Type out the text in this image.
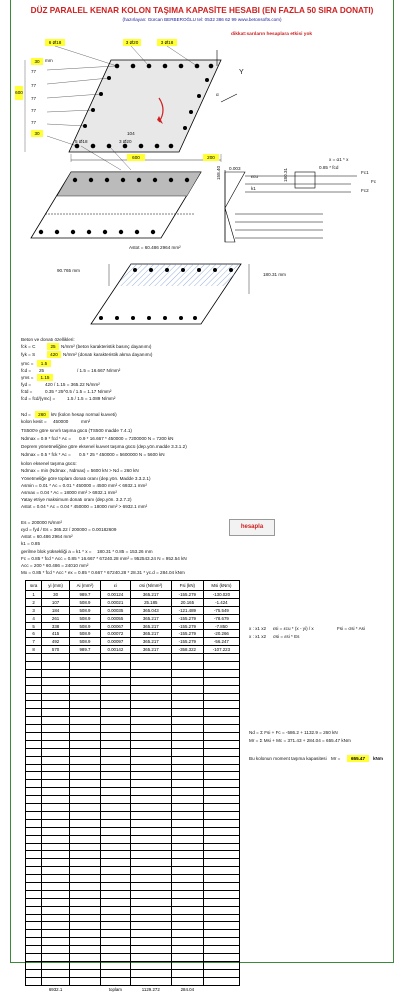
DÜZ PARALEL KENAR KOLON TAŞIMA KAPASİTE HESABI (EN FAZLA 50 SIRA DONATI)
(hazırlayan: Gürcan BERBEROĞLU tel: 0532 386 62 99 www.betonsofts.com)
dikkat:sarıların hesaplara etkisi yok
6 Ø18	3 Ø20	3 Ø18
30	mm
77
77
77
77
77
30
600
Y
α
5 Ø18	3 Ø20
104
600	200	x = α1 * x
0.003
εcu
0.85 * fcd
158.40	180.31
k1
Fc1
Fc
Fc2
Astot = 60.486 2964 mm²
90.765 mm
180.31 mm
Beton ve donatı özellikleri:
fck = C	25	N/mm² (beton karakteristik basınç dayanımı)
fyk = S	420	N/mm² (donatı karakteristik akma dayanımı)
γmc =	1.5
fcd = 25	/ 1.5 = 16.667 N/mm²
γms =	1.15
fyd =	420 / 1.15 = 365.22 N/mm²
fctd =	0.35 * 25^0.5 / 1.5 = 1.17 N/mm²
fcd = fcd/(γmc) =	1.5 / 1.5 = 1.089 N/mm²
Nd =	260	kN (kolon hesap normal kuvveti)
kolon kesit = 450000	mm²
TS500'e göre sınırlı taşıma gücü (TS500 madde 7.4.1)
Ndmax = 0.9 * fcd * Ac = 0.9 * 16.667 * 450000 = 7200000 N = 7200 kN
Deprem yönetmeliğine göre eksenel kuvvet taşıma gücü (dep.yön.madde 3.3.1.2)
Ndmax = 0.5 * fck * Ac = 0.5 * 25 * 450000 = 5600000 N = 5600 kN
kolon eksenel taşıma gücü:
Ndmax = min (Ndmax , Ndmax) = 5600 kN > Nd = 260 kN
Yönetmeliğe göre toplam donatı oranı (dep.yön. Madde 3.3.2.1)
Asmin = 0.01 * Ac = 0.01 * 450000 = 4500 mm² < 6932.1 mm²
Asmax = 0.04 * Ac = 18000 mm² > 6932.1 mm²
Yatay etriye maksimum donatı oranı (dep.yön. 3.2.7.2)
Astot = 0.04 * Ac = 0.04 * 450000 = 18000 mm² > 6932.1 mm²
Es = 200000 N/mm²
εyd = fyd / Es = 365.22 / 200000 = 0.00182609
Astot = 60.486 2964 mm²
k1 = 0.85
hesapla
gerilme blok yüksekliği a = k1 * x = 180.31 * 0.85 = 153.26 mm
Fc = 0.85 * fcd * Acc = 0.85 * 16.667 * 67240.28 mm² = 952543.24 N = 952.54 kN
Acc = 200 * 60.486 = 24010 mm²
Mx = 0.85 * fcd * Acc * ex = 0.85 * 0.667 * 67240.28 * 28.31 * yc.d = 284.04 kNm
sıra	yi (mm)	Ai (mm²)	εi	σsi (N/mm²)	Fsi (kN)	Msi (kNm)
1	30	989.7	0.00124	365.217	-155.279	-130.020
2	107	508.9	0.00021	25.185	20.165	-1.424
3	184	508.9	0.00035	365.043	-121.489	-75.549
4	261	508.9	0.00055	365.217	-155.279	-78.679
5	338	508.9	0.00067	365.217	-155.279	-7.850
6	415	508.9	0.00072	365.217	-155.279	-20.266
7	492	508.9	0.00097	365.217	-155.279	-56.247
8	570	989.7	0.00142	365.217	-358.322	-107.223

	6932.1		toplam	1129.272	284.04	
x : x1 x2 εsi = εcu * (x - yi) / x	Fsi = σsi * Asi
x : x1 x2 σsi = εsi * Es
Nd = Σ Fsi + Fc = -586.2 + 1132.9 = 260 kN
Mr = Σ Msi + Mc = 371.43 + 284.04 = 655.47 kNm
Bu kolonun moment taşıma kapasitesi Mr =	655.47	kNm
